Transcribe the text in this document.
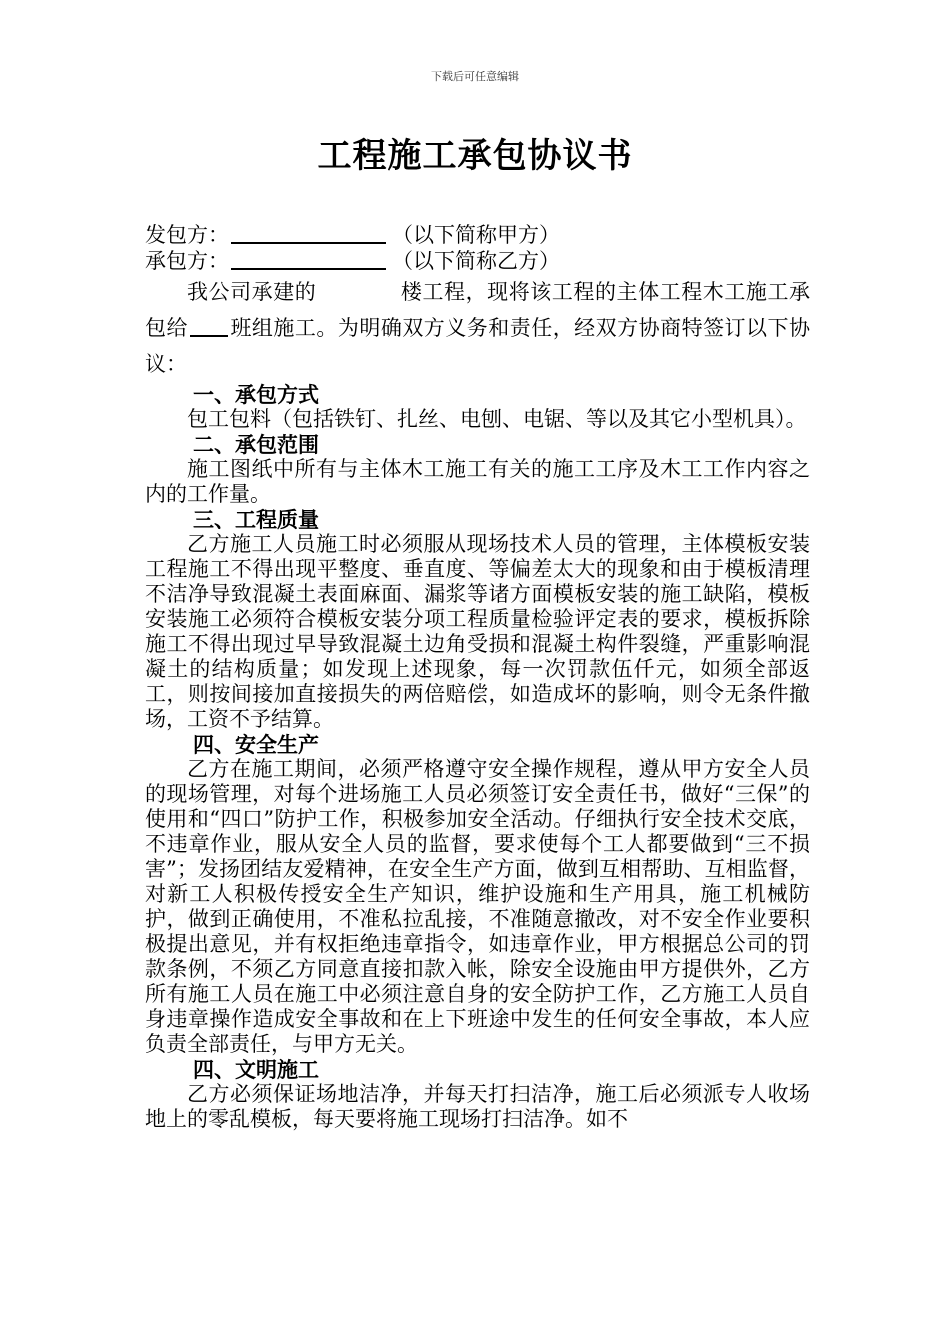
下载后可任意编辑
工程施工承包协议书
发包方：	（以下简称甲方）
承包方：	（以下简称乙方）

我公司承建的	楼工程，现将该工程的主体工程木工施工承包给 班组施工。为明确双方义务和责任，经双方协商特签订以下协议：

一、承包方式

包工包料（包括铁钉、扎丝、电刨、电锯、等以及其它小型机具）。

二、承包范围

施工图纸中所有与主体木工施工有关的施工工序及木工工作内容之内的工作量。

三、工程质量

乙方施工人员施工时必须服从现场技术人员的管理，主体模板安装工程施工不得出现平整度、垂直度、等偏差太大的现象和由于模板清理不洁净导致混凝土表面麻面、漏浆等诸方面模板安装的施工缺陷，模板安装施工必须符合模板安装分项工程质量检验评定表的要求，模板拆除施工不得出现过早导致混凝土边角受损和混凝土构件裂缝，严重影响混凝土的结构质量；如发现上述现象，每一次罚款伍仟元，如须全部返工，则按间接加直接损失的两倍赔偿，如造成坏的影响，则令无条件撤场，工资不予结算。

四、安全生产

乙方在施工期间，必须严格遵守安全操作规程，遵从甲方安全人员的现场管理，对每个进场施工人员必须签订安全责任书，做好“三保”的使用和“四口”防护工作，积极参加安全活动。仔细执行安全技术交底，不违章作业，服从安全人员的监督，要求使每个工人都要做到“三不损害”；发扬团结友爱精神，在安全生产方面，做到互相帮助、互相监督，对新工人积极传授安全生产知识，维护设施和生产用具，施工机械防护，做到正确使用，不准私拉乱接，不准随意撤改，对不安全作业要积极提出意见，并有权拒绝违章指令，如违章作业，甲方根据总公司的罚款条例，不须乙方同意直接扣款入帐，除安全设施由甲方提供外，乙方所有施工人员在施工中必须注意自身的安全防护工作，乙方施工人员自身违章操作造成安全事故和在上下班途中发生的任何安全事故，本人应负责全部责任，与甲方无关。

四、文明施工

乙方必须保证场地洁净，并每天打扫洁净，施工后必须派专人收场地上的零乱模板，每天要将施工现场打扫洁净。如不
